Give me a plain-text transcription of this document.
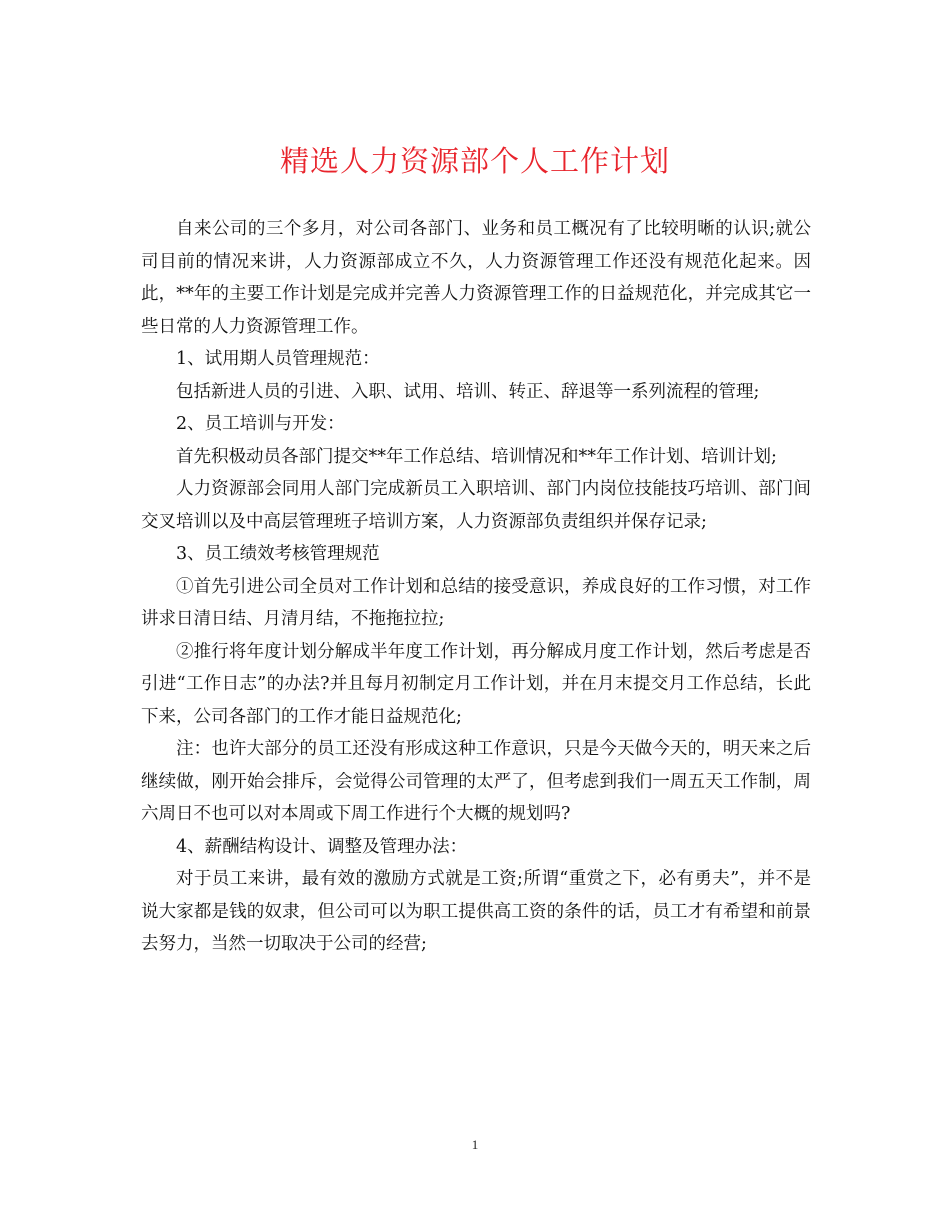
精选人力资源部个人工作计划

自来公司的三个多月，对公司各部门、业务和员工概况有了比较明晰的认识;就公司目前的情况来讲，人力资源部成立不久，人力资源管理工作还没有规范化起来。因此，**年的主要工作计划是完成并完善人力资源管理工作的日益规范化，并完成其它一些日常的人力资源管理工作。

1、试用期人员管理规范：

包括新进人员的引进、入职、试用、培训、转正、辞退等一系列流程的管理;

2、员工培训与开发：

首先积极动员各部门提交**年工作总结、培训情况和**年工作计划、培训计划;

人力资源部会同用人部门完成新员工入职培训、部门内岗位技能技巧培训、部门间交叉培训以及中高层管理班子培训方案，人力资源部负责组织并保存记录;

3、员工绩效考核管理规范

①首先引进公司全员对工作计划和总结的接受意识，养成良好的工作习惯，对工作讲求日清日结、月清月结，不拖拖拉拉;

②推行将年度计划分解成半年度工作计划，再分解成月度工作计划，然后考虑是否引进“工作日志”的办法?并且每月初制定月工作计划，并在月末提交月工作总结，长此下来，公司各部门的工作才能日益规范化;

注：也许大部分的员工还没有形成这种工作意识，只是今天做今天的，明天来之后继续做，刚开始会排斥，会觉得公司管理的太严了，但考虑到我们一周五天工作制，周六周日不也可以对本周或下周工作进行个大概的规划吗?

4、薪酬结构设计、调整及管理办法：

对于员工来讲，最有效的激励方式就是工资;所谓“重赏之下，必有勇夫”，并不是说大家都是钱的奴隶，但公司可以为职工提供高工资的条件的话，员工才有希望和前景去努力，当然一切取决于公司的经营;

1
